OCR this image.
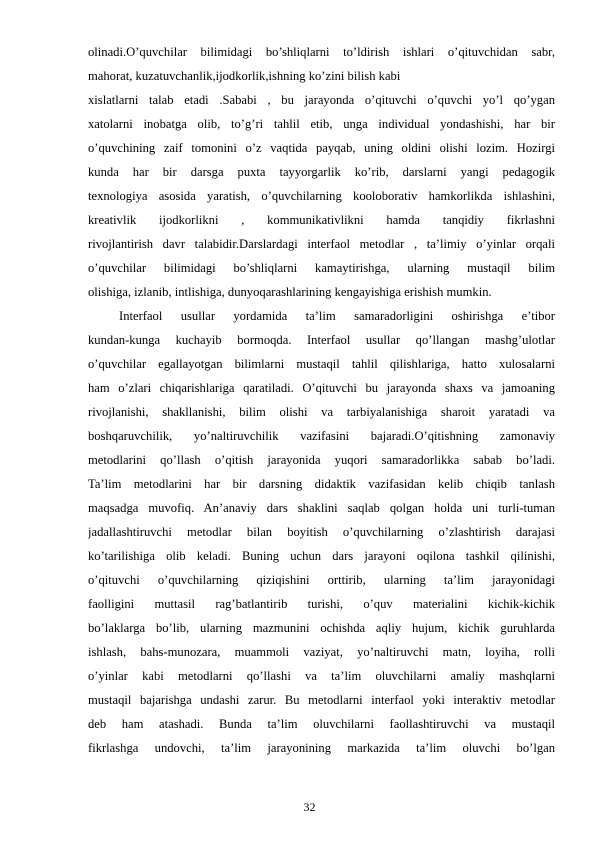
olinadi.O’quvchilar bilimidagi bo’shliqlarni to’ldirish ishlari o’qituvchidan sabr,
mahorat, kuzatuvchanlik,ijodkorlik,ishning ko’zini bilish kabi
xislatlarni talab etadi .Sababi , bu jarayonda o’qituvchi o’quvchi yo’l qo’ygan
xatolarni inobatga olib, to’g’ri tahlil etib, unga individual yondashishi, har bir
o’quvchining zaif tomonini o’z vaqtida payqab, uning oldini olishi lozim. Hozirgi
kunda har bir darsga puxta tayyorgarlik ko’rib, darslarni yangi pedagogik
texnologiya asosida yaratish, o’quvchilarning kooloborativ hamkorlikda ishlashini,
kreativlik ijodkorlikni , kommunikativlikni hamda tanqidiy fikrlashni
rivojlantirish davr talabidir.Darslardagi interfaol metodlar , ta’limiy o’yinlar orqali
o’quvchilar bilimidagi bo’shliqlarni kamaytirishga, ularning mustaqil bilim
olishiga, izlanib, intlishiga, dunyoqarashlarining kengayishiga erishish mumkin.
Interfaol usullar yordamida ta’lim samaradorligini oshirishga e’tibor
kundan-kunga kuchayib bormoqda. Interfaol usullar qo’llangan mashg’ulotlar
o’quvchilar egallayotgan bilimlarni mustaqil tahlil qilishlariga, hatto xulosalarni
ham o’zlari chiqarishlariga qaratiladi. O’qituvchi bu jarayonda shaxs va jamoaning
rivojlanishi, shakllanishi, bilim olishi va tarbiyalanishiga sharoit yaratadi va
boshqaruvchilik, yo’naltiruvchilik vazifasini bajaradi.O’qitishning zamonaviy
metodlarini qo’llash o’qitish jarayonida yuqori samaradorlikka sabab bo’ladi.
Ta’lim metodlarini har bir darsning didaktik vazifasidan kelib chiqib tanlash
maqsadga muvofiq. An’anaviy dars shaklini saqlab qolgan holda uni turli-tuman
jadallashtiruvchi metodlar bilan boyitish o’quvchilarning o’zlashtirish darajasi
ko’tarilishiga olib keladi. Buning uchun dars jarayoni oqilona tashkil qilinishi,
o’qituvchi o’quvchilarning qiziqishini orttirib, ularning ta’lim jarayonidagi
faolligini muttasil rag’batlantirib turishi, o’quv materialini kichik-kichik
bo’laklarga bo’lib, ularning mazmunini ochishda aqliy hujum, kichik guruhlarda
ishlash, bahs-munozara, muammoli vaziyat, yo’naltiruvchi matn, loyiha, rolli
o’yinlar kabi metodlarni qo’llashi va ta’lim oluvchilarni amaliy mashqlarni
mustaqil bajarishga undashi zarur. Bu metodlarni interfaol yoki interaktiv metodlar
deb ham atashadi. Bunda ta’lim oluvchilarni faollashtiruvchi va mustaqil
fikrlashga undovchi, ta’lim jarayonining markazida ta’lim oluvchi bo’lgan
32
